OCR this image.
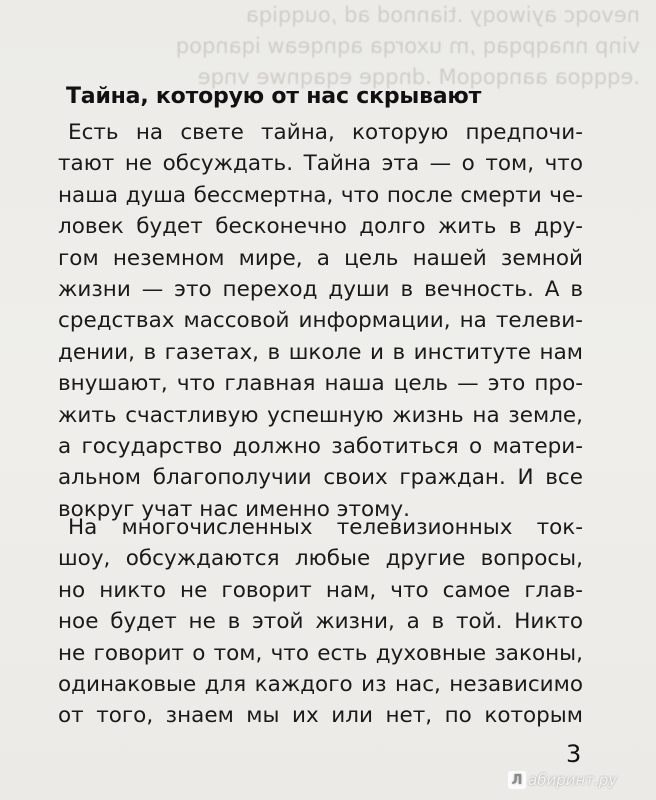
nevoqc ayiwoqy .tiannod ad ,ouqqiqa
vinp nnaqpqaq ,m uxorqa aqnqeaw iqanqoq
.eqqqoa aanqoqoM .dnqqe eqaqnwe vnqe
Тайна, которую от нас скрывают

Есть на свете тайна, которую предпочи-
тают не обсуждать. Тайна эта — о том, что
наша душа бессмертна, что после смерти че-
ловек будет бесконечно долго жить в дру-
гом неземном мире, а цель нашей земной
жизни — это переход души в вечность. А в
средствах массовой информации, на телеви-
дении, в газетах, в школе и в институте нам
внушают, что главная наша цель — это про-
жить счастливую успешную жизнь на земле,
а государство должно заботиться о матери-
альном благополучии своих граждан. И все
вокруг учат нас именно этому.

На многочисленных телевизионных ток-
шоу, обсуждаются любые другие вопросы,
но никто не говорит нам, что самое глав-
ное будет не в этой жизни, а в той. Никто
не говорит о том, что есть духовные законы,
одинаковые для каждого из нас, независимо
от того, знаем мы их или нет, по которым

3

Л абиринт.ру
